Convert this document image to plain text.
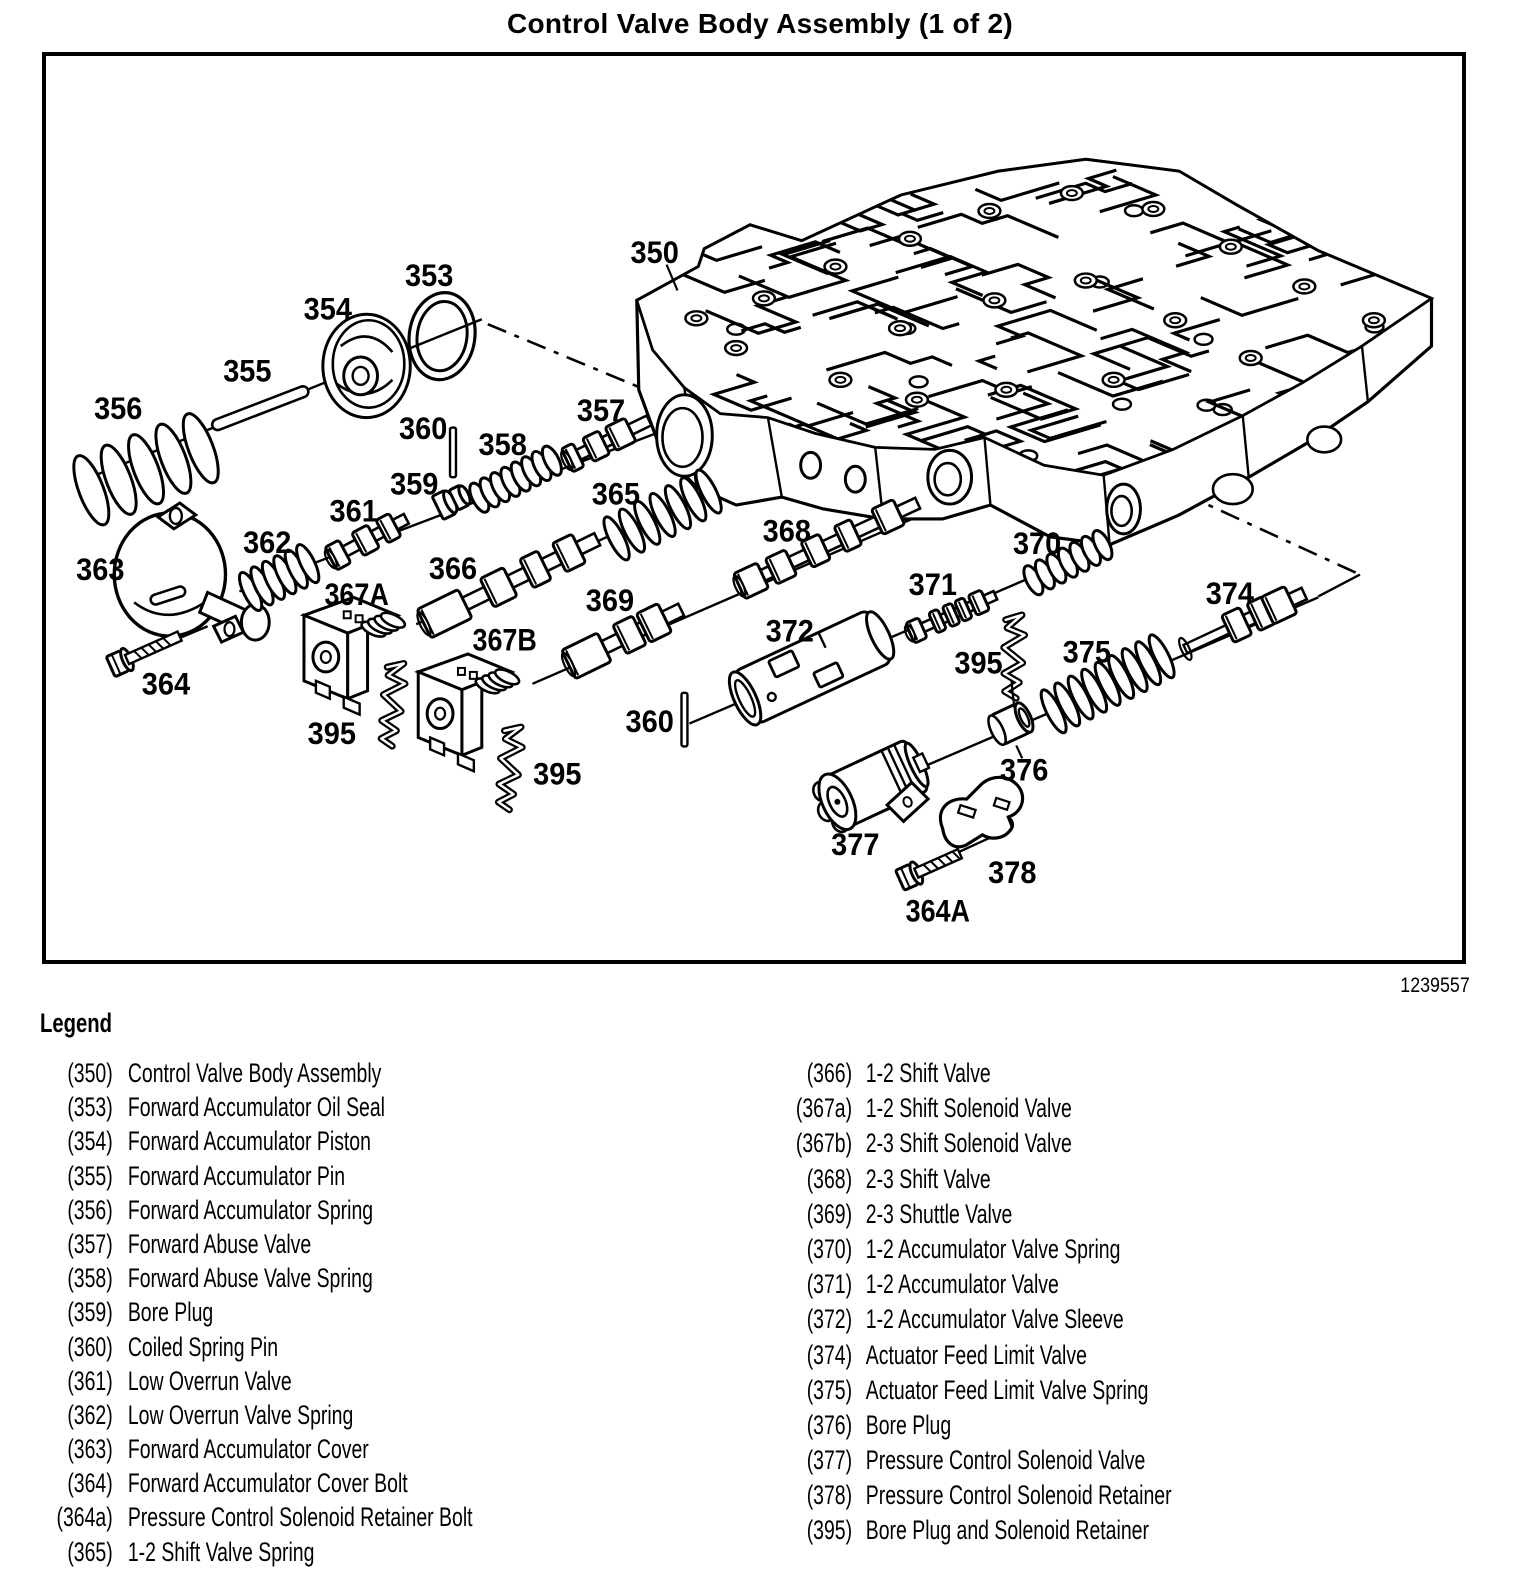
Control Valve Body Assembly (1 of 2)
350
353
354
355
356	357
360 358
359	365
361
368
362	370
366
363	371	374
367A	369
372
367B	375
395
364
360
395
376
395
377
378
364A
1239557
Legend
(350) Control Valve Body Assembly
(353) Forward Accumulator Oil Seal
(354) Forward Accumulator Piston
(355) Forward Accumulator Pin
(356) Forward Accumulator Spring
(357) Forward Abuse Valve
(358) Forward Abuse Valve Spring
(359) Bore Plug
(360) Coiled Spring Pin
(361) Low Overrun Valve
(362) Low Overrun Valve Spring
(363) Forward Accumulator Cover
(364) Forward Accumulator Cover Bolt
(364a) Pressure Control Solenoid Retainer Bolt
(365) 1-2 Shift Valve Spring
(366) 1-2 Shift Valve
(367a) 1-2 Shift Solenoid Valve
(367b) 2-3 Shift Solenoid Valve
(368) 2-3 Shift Valve
(369) 2-3 Shuttle Valve
(370) 1-2 Accumulator Valve Spring
(371) 1-2 Accumulator Valve
(372) 1-2 Accumulator Valve Sleeve
(374) Actuator Feed Limit Valve
(375) Actuator Feed Limit Valve Spring
(376) Bore Plug
(377) Pressure Control Solenoid Valve
(378) Pressure Control Solenoid Retainer
(395) Bore Plug and Solenoid Retainer
